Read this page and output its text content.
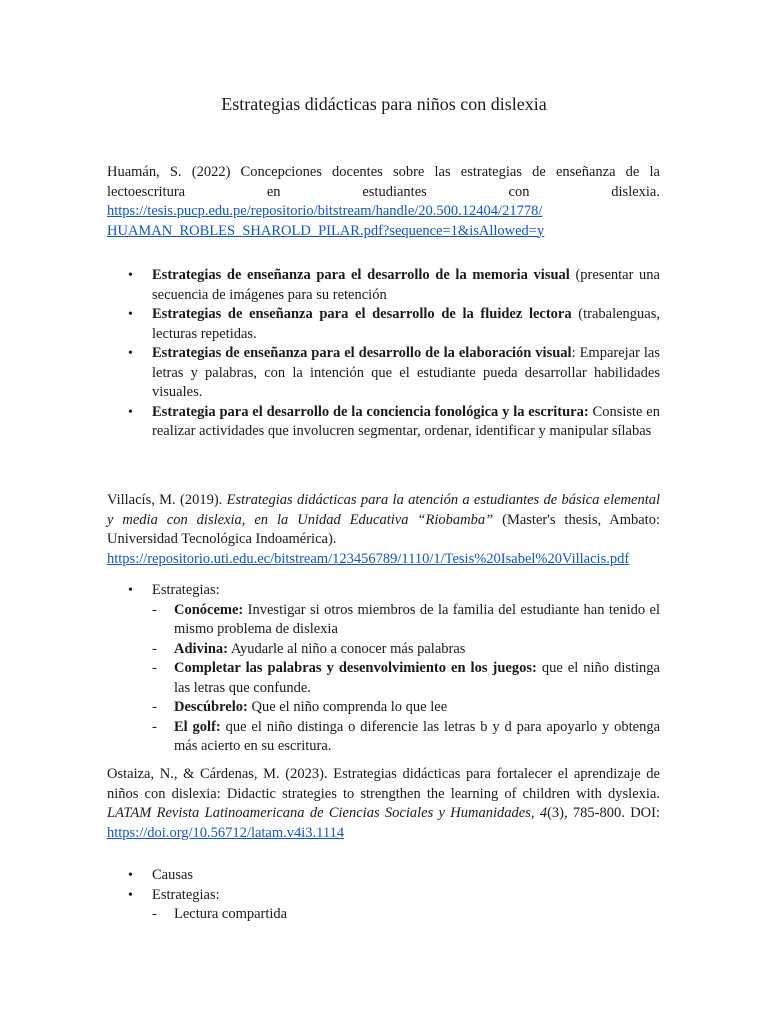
Estrategias didácticas para niños con dislexia
Huamán, S. (2022) Concepciones docentes sobre las estrategias de enseñanza de la
lectoescritura en estudiantes con dislexia.
https://tesis.pucp.edu.pe/repositorio/bitstream/handle/20.500.12404/21778/
HUAMAN_ROBLES_SHAROLD_PILAR.pdf?sequence=1&isAllowed=y
• Estrategias de enseñanza para el desarrollo de la memoria visual (presentar una secuencia de imágenes para su retención
• Estrategias de enseñanza para el desarrollo de la fluidez lectora (trabalenguas, lecturas repetidas.
• Estrategias de enseñanza para el desarrollo de la elaboración visual: Emparejar las letras y palabras, con la intención que el estudiante pueda desarrollar habilidades visuales.
• Estrategia para el desarrollo de la conciencia fonológica y la escritura: Consiste en realizar actividades que involucren segmentar, ordenar, identificar y manipular sílabas
Villacís, M. (2019). Estrategias didácticas para la atención a estudiantes de básica elemental y media con dislexia, en la Unidad Educativa “Riobamba” (Master's thesis, Ambato: Universidad Tecnológica Indoamérica).
https://repositorio.uti.edu.ec/bitstream/123456789/1110/1/Tesis%20Isabel%20Villacis.pdf
• Estrategias:
- Conóceme: Investigar si otros miembros de la familia del estudiante han tenido el mismo problema de dislexia
- Adivina: Ayudarle al niño a conocer más palabras
- Completar las palabras y desenvolvimiento en los juegos: que el niño distinga las letras que confunde.
- Descúbrelo: Que el niño comprenda lo que lee
- El golf: que el niño distinga o diferencie las letras b y d para apoyarlo y obtenga más acierto en su escritura.
Ostaiza, N., & Cárdenas, M. (2023). Estrategias didácticas para fortalecer el aprendizaje de niños con dislexia: Didactic strategies to strengthen the learning of children with dyslexia. LATAM Revista Latinoamericana de Ciencias Sociales y Humanidades, 4(3), 785-800. DOI: https://doi.org/10.56712/latam.v4i3.1114
• Causas
• Estrategias:
- Lectura compartida
